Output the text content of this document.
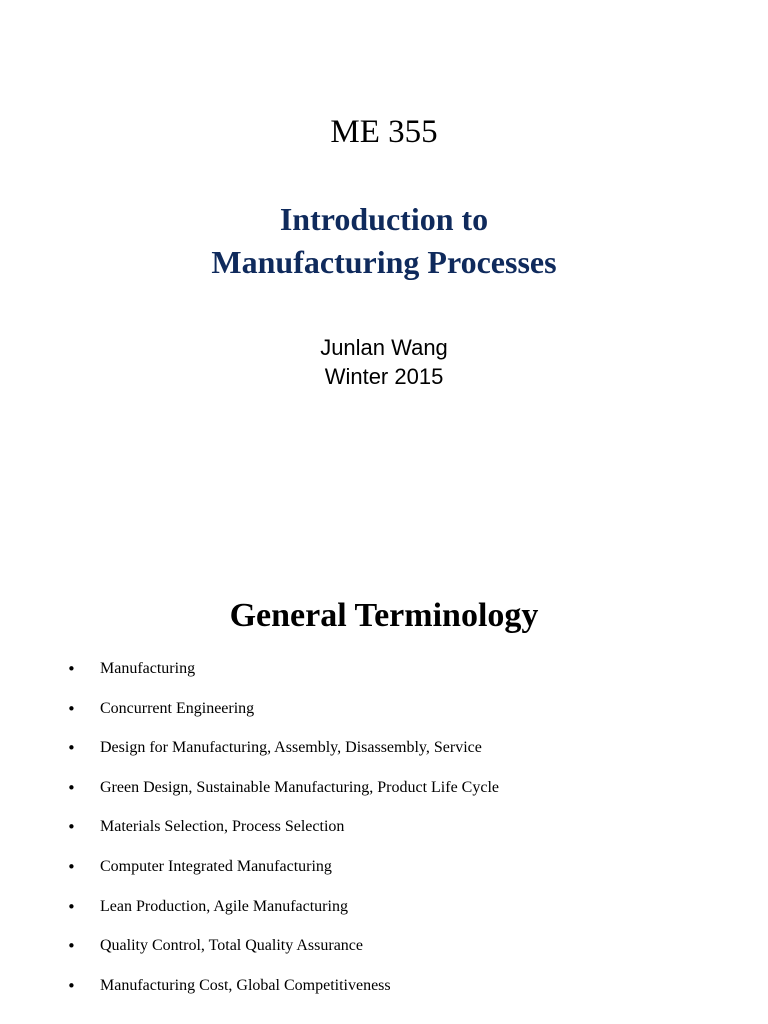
ME 355
Introduction to
Manufacturing Processes
Junlan Wang
Winter 2015
General Terminology
•	Manufacturing
•	Concurrent Engineering
•	Design for Manufacturing, Assembly, Disassembly, Service
•	Green Design, Sustainable Manufacturing, Product Life Cycle
•	Materials Selection, Process Selection
•	Computer Integrated Manufacturing
•	Lean Production, Agile Manufacturing
•	Quality Control, Total Quality Assurance
•	Manufacturing Cost, Global Competitiveness
